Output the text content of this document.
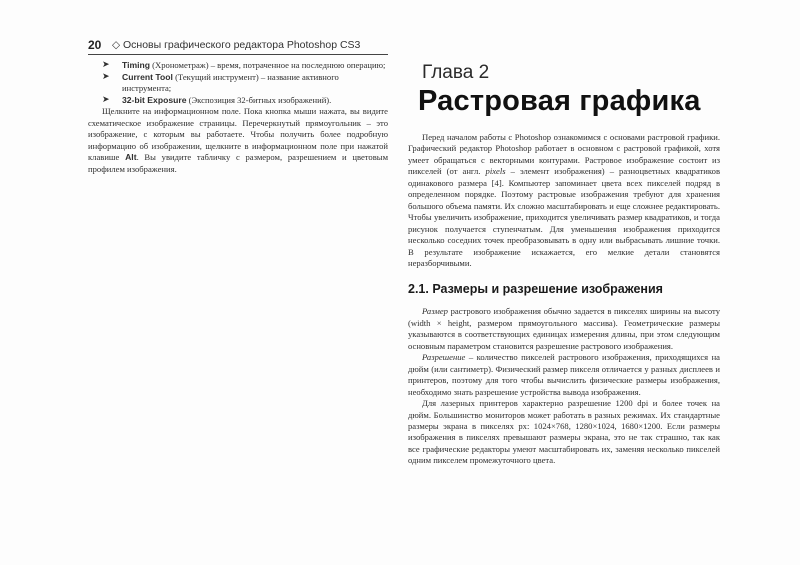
20 ◇ Основы графического редактора Photoshop CS3
➤ Timing (Хронометраж) – время, потраченное на последнюю операцию;
➤ Current Tool (Текущий инструмент) – название активного инструмента;
➤ 32-bit Exposure (Экспозиция 32-битных изображений).

Щелкните на информационном поле. Пока кнопка мыши нажата, вы видите схематическое изображение страницы. Перечеркнутый прямоугольник – это изображение, с которым вы работаете. Чтобы получить более подробную информацию об изображении, щелкните в информационном поле при нажатой клавише Alt. Вы увидите табличку с размером, разрешением и цветовым профилем изображения.

Глава 2
Растровая графика

Перед началом работы с Photoshop ознакомимся с основами растровой графики. Графический редактор Photoshop работает в основном с растровой графикой, хотя умеет обращаться с векторными контурами. Растровое изображение состоит из пикселей (от англ. pixels – элемент изображения) – разноцветных квадратиков одинакового размера [4]. Компьютер запоминает цвета всех пикселей подряд в определенном порядке. Поэтому растровые изображения требуют для хранения большого объема памяти. Их сложно масштабировать и еще сложнее редактировать. Чтобы увеличить изображение, приходится увеличивать размер квадратиков, и тогда рисунок получается ступенчатым. Для уменьшения изображения приходится несколько соседних точек преобразовывать в одну или выбрасывать лишние точки. В результате изображение искажается, его мелкие детали становятся неразборчивыми.

2.1. Размеры и разрешение изображения

Размер растрового изображения обычно задается в пикселях ширины на высоту (width × height, размером прямоугольного массива). Геометрические размеры указываются в соответствующих единицах измерения длины, при этом следующим основным параметром становится разрешение растрового изображения.

Разрешение – количество пикселей растрового изображения, приходящихся на дюйм (или сантиметр). Физический размер пикселя отличается у разных дисплеев и принтеров, поэтому для того чтобы вычислить физические размеры изображения, необходимо знать разрешение устройства вывода изображения.

Для лазерных принтеров характерно разрешение 1200 dpi и более точек на дюйм. Большинство мониторов может работать в разных режимах. Их стандартные размеры экрана в пикселях px: 1024×768, 1280×1024, 1680×1200. Если размеры изображения в пикселях превышают размеры экрана, это не так страшно, так как все графические редакторы умеют масштабировать их, заменяя несколько пикселей одним пикселем промежуточного цвета.
